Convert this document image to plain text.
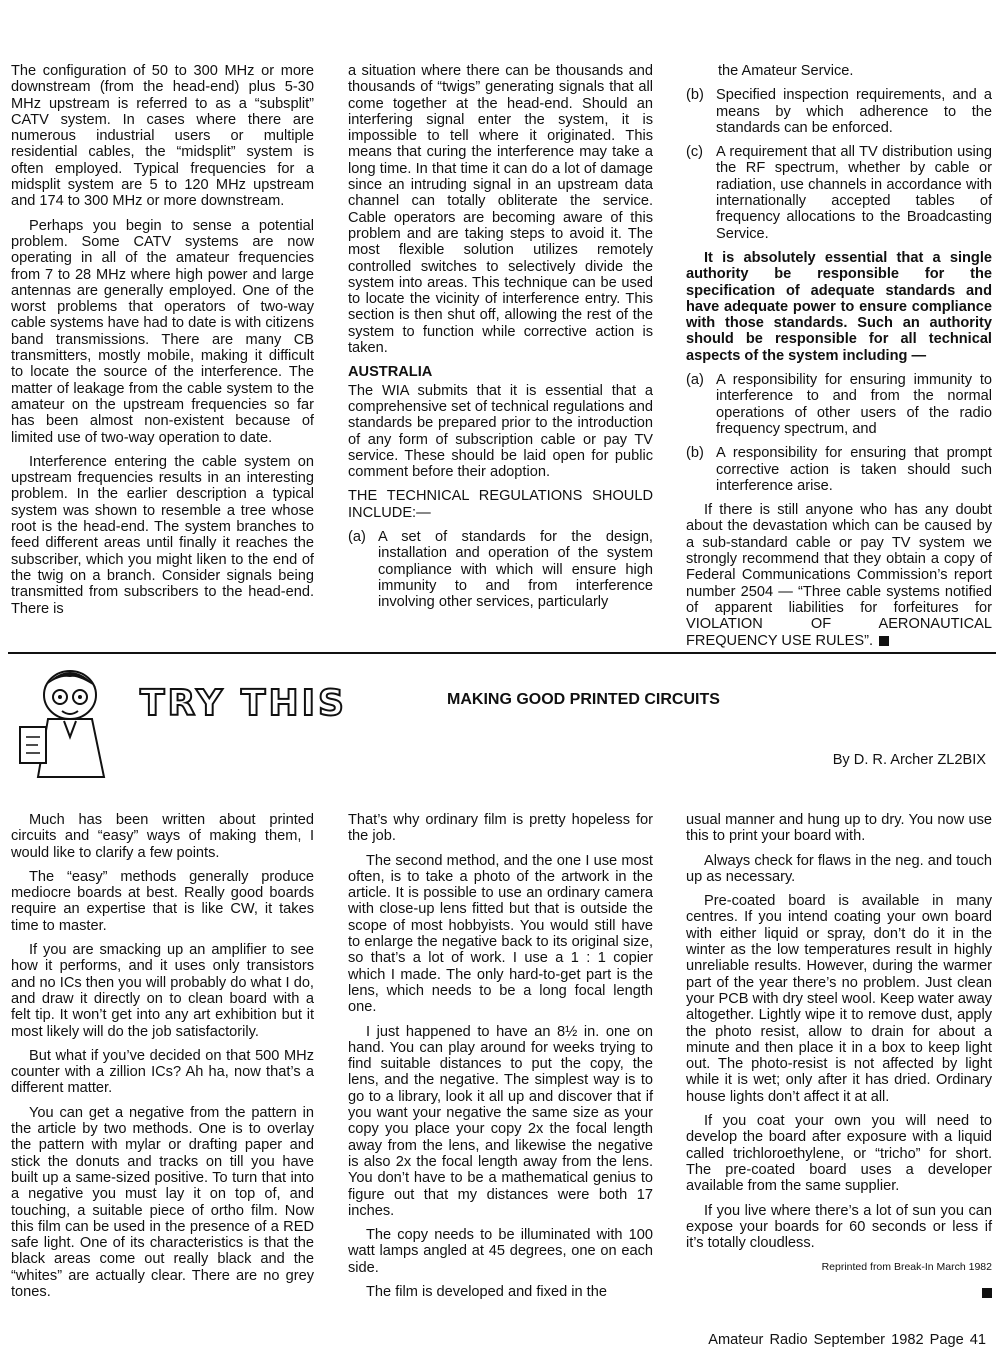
The configuration of 50 to 300 MHz or more downstream (from the head-end) plus 5-30 MHz upstream is referred to as a “subsplit” CATV system. In cases where there are numerous industrial users or multiple residential cables, the “midsplit” system is often employed. Typical frequencies for a midsplit system are 5 to 120 MHz upstream and 174 to 300 MHz or more downstream.

Perhaps you begin to sense a potential problem. Some CATV systems are now operating in all of the amateur frequencies from 7 to 28 MHz where high power and large antennas are generally employed. One of the worst problems that operators of two-way cable systems have had to date is with citizens band transmissions. There are many CB transmitters, mostly mobile, making it difficult to locate the source of the interference. The matter of leakage from the cable system to the amateur on the upstream frequencies so far has been almost non-existent because of limited use of two-way operation to date.

Interference entering the cable system on upstream frequencies results in an interesting problem. In the earlier description a typical system was shown to resemble a tree whose root is the head-end. The system branches to feed different areas until finally it reaches the subscriber, which you might liken to the end of the twig on a branch. Consider signals being transmitted from subscribers to the head-end. There is

a situation where there can be thousands and thousands of “twigs” generating signals that all come together at the head-end. Should an interfering signal enter the system, it is impossible to tell where it originated. This means that curing the interference may take a long time. In that time it can do a lot of damage since an intruding signal in an upstream data channel can totally obliterate the service. Cable operators are becoming aware of this problem and are taking steps to avoid it. The most flexible solution utilizes remotely controlled switches to selectively divide the system into areas. This technique can be used to locate the vicinity of interference entry. This section is then shut off, allowing the rest of the system to function while corrective action is taken.

AUSTRALIA

The WIA submits that it is essential that a comprehensive set of technical regulations and standards be prepared prior to the introduction of any form of subscription cable or pay TV service. These should be laid open for public comment before their adoption.

THE TECHNICAL REGULATIONS SHOULD INCLUDE:—

(a) A set of standards for the design, installation and operation of the system compliance with which will ensure high immunity to and from interference involving other services, particularly

the Amateur Service.

(b) Specified inspection requirements, and a means by which adherence to the standards can be enforced.
(c) A requirement that all TV distribution using the RF spectrum, whether by cable or radiation, use channels in accordance with internationally accepted tables of frequency allocations to the Broadcasting Service.

It is absolutely essential that a single authority be responsible for the specification of adequate standards and have adequate power to ensure compliance with those standards. Such an authority should be responsible for all technical aspects of the system including —

(a) A responsibility for ensuring immunity to interference to and from the normal operations of other users of the radio frequency spectrum, and
(b) A responsibility for ensuring that prompt corrective action is taken should such interference arise.

If there is still anyone who has any doubt about the devastation which can be caused by a sub-standard cable or pay TV system we strongly recommend that they obtain a copy of Federal Communications Commission’s report number 2504 — “Three cable systems notified of apparent liabilities for forfeitures for VIOLATION OF AERONAUTICAL FREQUENCY USE RULES”.

TRY THIS	MAKING GOOD PRINTED CIRCUITS
By D. R. Archer ZL2BIX

Much has been written about printed circuits and “easy” ways of making them, I would like to clarify a few points.

The “easy” methods generally produce mediocre boards at best. Really good boards require an expertise that is like CW, it takes time to master.

If you are smacking up an amplifier to see how it performs, and it uses only transistors and no ICs then you will probably do what I do, and draw it directly on to clean board with a felt tip. It won’t get into any art exhibition but it most likely will do the job satisfactorily.

But what if you’ve decided on that 500 MHz counter with a zillion ICs? Ah ha, now that’s a different matter.

You can get a negative from the pattern in the article by two methods. One is to overlay the pattern with mylar or drafting paper and stick the donuts and tracks on till you have built up a same-sized positive. To turn that into a negative you must lay it on top of, and touching, a suitable piece of ortho film. Now this film can be used in the presence of a RED safe light. One of its characteristics is that the black areas come out really black and the “whites” are actually clear. There are no grey tones.

That’s why ordinary film is pretty hopeless for the job.

The second method, and the one I use most often, is to take a photo of the artwork in the article. It is possible to use an ordinary camera with close-up lens fitted but that is outside the scope of most hobbyists. You would still have to enlarge the negative back to its original size, so that’s a lot of work. I use a 1 : 1 copier which I made. The only hard-to-get part is the lens, which needs to be a long focal length one.

I just happened to have an 8½ in. one on hand. You can play around for weeks trying to find suitable distances to put the copy, the lens, and the negative. The simplest way is to go to a library, look it all up and discover that if you want your negative the same size as your copy you place your copy 2x the focal length away from the lens, and likewise the negative is also 2x the focal length away from the lens. You don’t have to be a mathematical genius to figure out that my distances were both 17 inches.

The copy needs to be illuminated with 100 watt lamps angled at 45 degrees, one on each side.

The film is developed and fixed in the

usual manner and hung up to dry. You now use this to print your board with.

Always check for flaws in the neg. and touch up as necessary.

Pre-coated board is available in many centres. If you intend coating your own board with either liquid or spray, don’t do it in the winter as the low temperatures result in highly unreliable results. However, during the warmer part of the year there’s no problem. Just clean your PCB with dry steel wool. Keep water away altogether. Lightly wipe it to remove dust, apply the photo resist, allow to drain for about a minute and then place it in a box to keep light out. The photo-resist is not affected by light while it is wet; only after it has dried. Ordinary house lights don’t affect it at all.

If you coat your own you will need to develop the board after exposure with a liquid called trichloroethylene, or “tricho” for short. The pre-coated board uses a developer available from the same supplier.

If you live where there’s a lot of sun you can expose your boards for 60 seconds or less if it’s totally cloudless.

Reprinted from Break-In March 1982

Amateur Radio September 1982 Page 41
